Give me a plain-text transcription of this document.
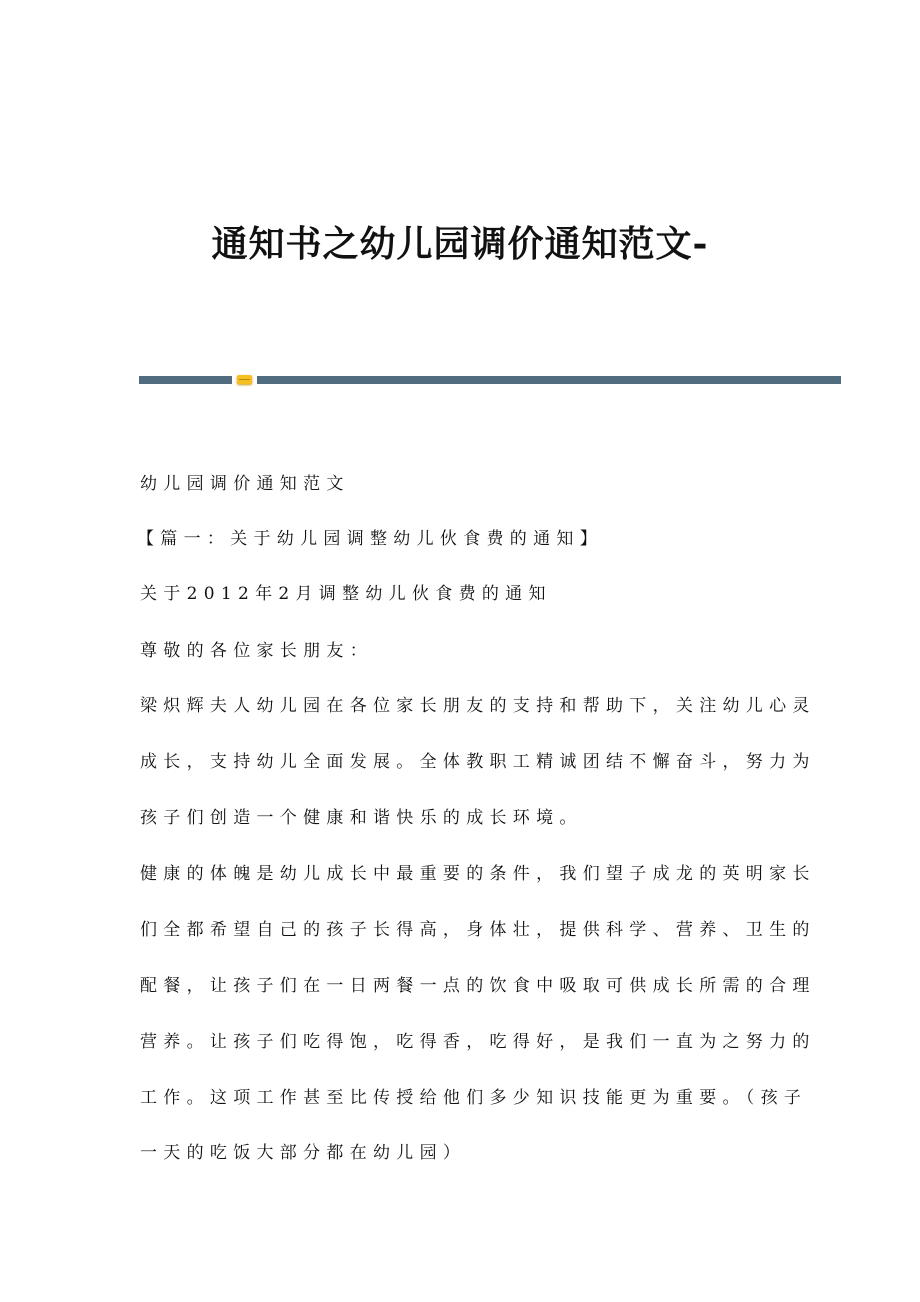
通知书之幼儿园调价通知范文-
幼儿园调价通知范文
【篇一：关于幼儿园调整幼儿伙食费的通知】
关于2012年2月调整幼儿伙食费的通知
尊敬的各位家长朋友：
梁炽辉夫人幼儿园在各位家长朋友的支持和帮助下，关注幼儿心灵
成长，支持幼儿全面发展。全体教职工精诚团结不懈奋斗，努力为
孩子们创造一个健康和谐快乐的成长环境。
健康的体魄是幼儿成长中最重要的条件，我们望子成龙的英明家长
们全都希望自己的孩子长得高，身体壮，提供科学、营养、卫生的
配餐，让孩子们在一日两餐一点的饮食中吸取可供成长所需的合理
营养。让孩子们吃得饱，吃得香，吃得好，是我们一直为之努力的
工作。这项工作甚至比传授给他们多少知识技能更为重要。（孩子
一天的吃饭大部分都在幼儿园）
